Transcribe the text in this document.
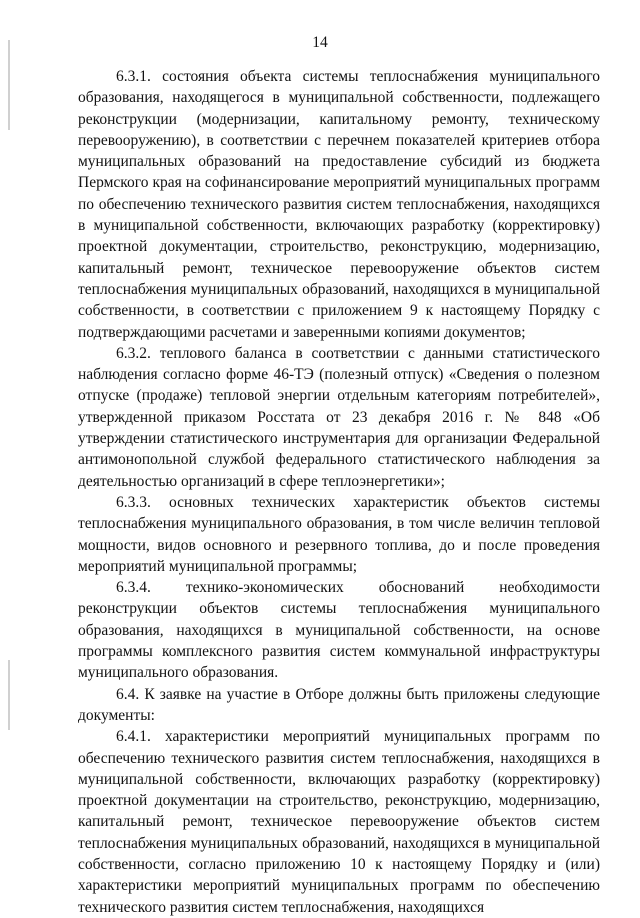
14

6.3.1. состояния объекта системы теплоснабжения муниципального образования, находящегося в муниципальной собственности, подлежащего реконструкции (модернизации, капитальному ремонту, техническому перевооружению), в соответствии с перечнем показателей критериев отбора муниципальных образований на предоставление субсидий из бюджета Пермского края на софинансирование мероприятий муниципальных программ по обеспечению технического развития систем теплоснабжения, находящихся в муниципальной собственности, включающих разработку (корректировку) проектной документации, строительство, реконструкцию, модернизацию, капитальный ремонт, техническое перевооружение объектов систем теплоснабжения муниципальных образований, находящихся в муниципальной собственности, в соответствии с приложением 9 к настоящему Порядку с подтверждающими расчетами и заверенными копиями документов;

6.3.2. теплового баланса в соответствии с данными статистического наблюдения согласно форме 46-ТЭ (полезный отпуск) «Сведения о полезном отпуске (продаже) тепловой энергии отдельным категориям потребителей», утвержденной приказом Росстата от 23 декабря 2016 г. № 848 «Об утверждении статистического инструментария для организации Федеральной антимонопольной службой федерального статистического наблюдения за деятельностью организаций в сфере теплоэнергетики»;

6.3.3. основных технических характеристик объектов системы теплоснабжения муниципального образования, в том числе величин тепловой мощности, видов основного и резервного топлива, до и после проведения мероприятий муниципальной программы;

6.3.4. технико-экономических обоснований необходимости реконструкции объектов системы теплоснабжения муниципального образования, находящихся в муниципальной собственности, на основе программы комплексного развития систем коммунальной инфраструктуры муниципального образования.

6.4. К заявке на участие в Отборе должны быть приложены следующие документы:

6.4.1. характеристики мероприятий муниципальных программ по обеспечению технического развития систем теплоснабжения, находящихся в муниципальной собственности, включающих разработку (корректировку) проектной документации на строительство, реконструкцию, модернизацию, капитальный ремонт, техническое перевооружение объектов систем теплоснабжения муниципальных образований, находящихся в муниципальной собственности, согласно приложению 10 к настоящему Порядку и (или) характеристики мероприятий муниципальных программ по обеспечению технического развития систем теплоснабжения, находящихся
